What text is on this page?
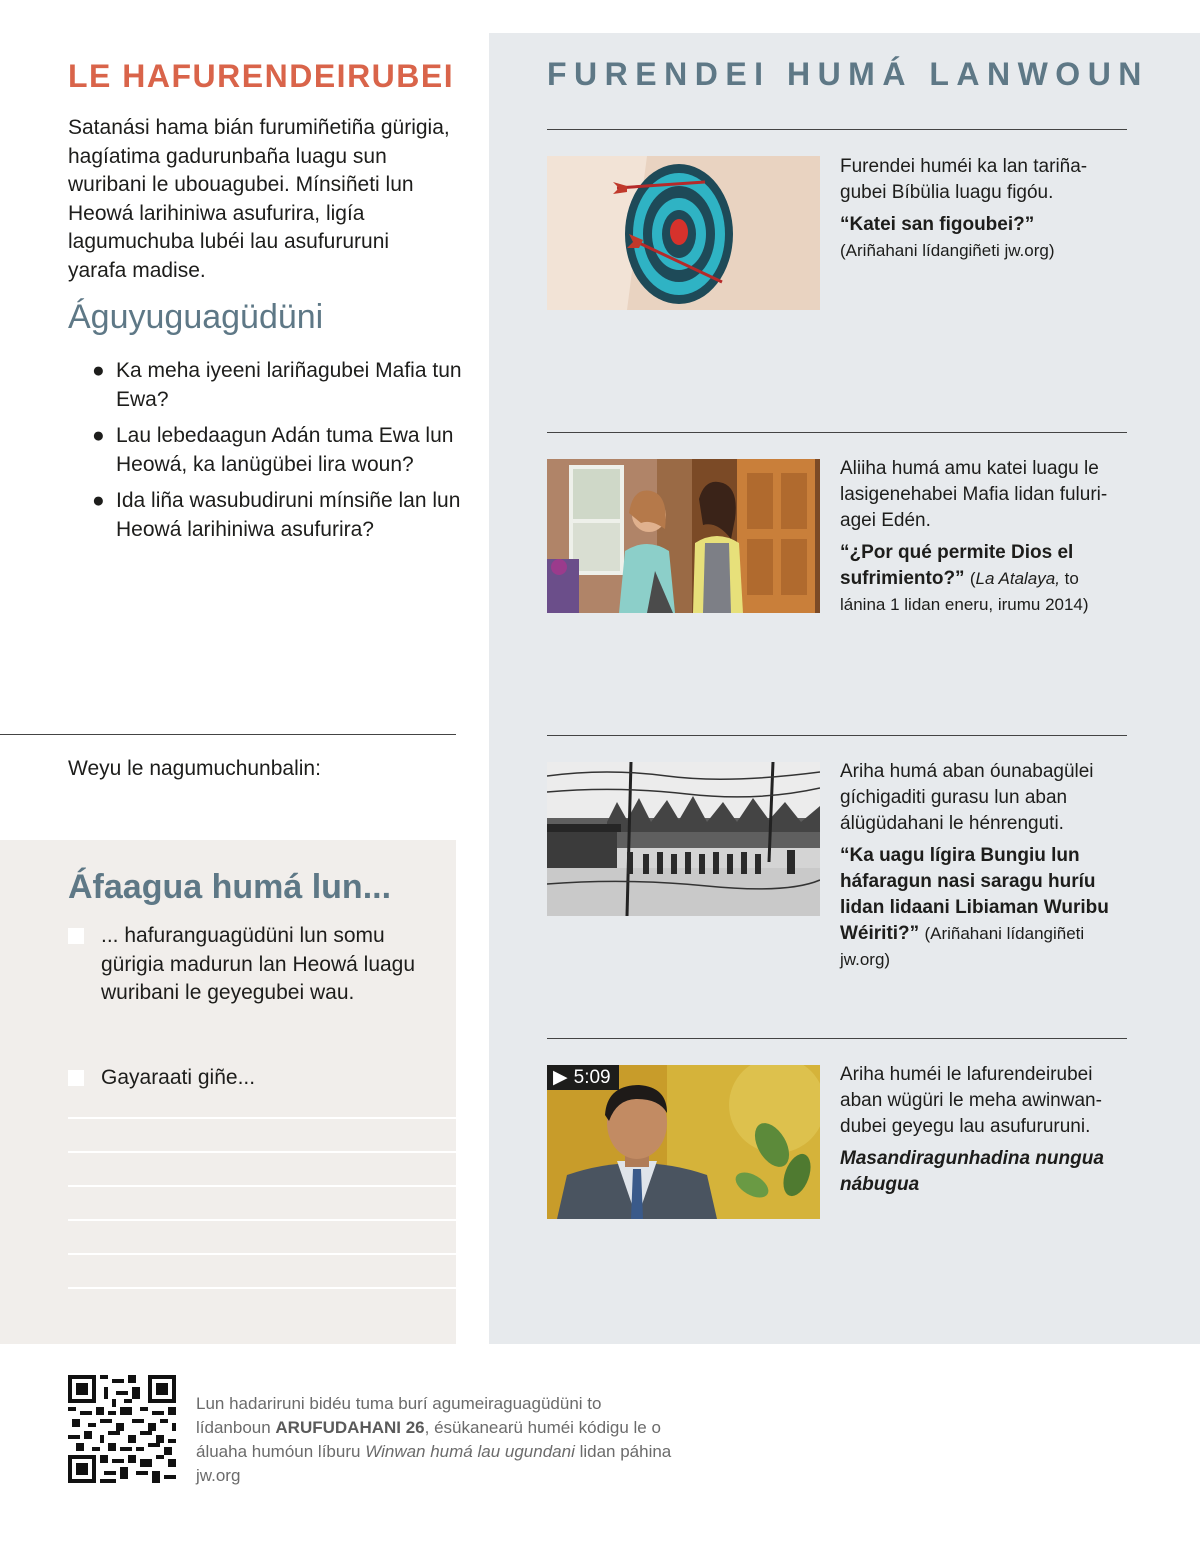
LE HAFURENDEIRUBEI

Satanási hama bián furumiñetiña gürigia, hagíatima gadurunbaña luagu sun wuribani le ubouagubei. Mínsiñeti lun Heowá larihiniwa asufurira, ligía lagumuchuba lubéi lau asufururuni yarafa madise.

Águyuguagüdüni
● Ka meha iyeeni lariñagubei Mafia tun Ewa?
● Lau lebedaagun Adán tuma Ewa lun Heowá, ka lanügübei lira woun?
● Ida liña wasubudiruni mínsiñe lan lun Heowá larihiniwa asufurira?

Weyu le nagumuchunbalin:

Áfaagua humá lun...
... hafuranguagüdüni lun somu gürigia madurun lan Heowá luagu wuribani le geyegubei wau.
Gayaraati giñe...
FURENDEI HUMÁ LANWOUN
Furendei huméi ka lan tariña-gubei Bíbülia luagu figóu.
“Katei san figoubei?”
(Ariñahani lídangiñeti jw.org)
Aliiha humá amu katei luagu le lasigenehabei Mafia lidan fuluri-agei Edén.
“¿Por qué permite Dios el sufrimiento?” (La Atalaya, to lánina 1 lidan eneru, irumu 2014)
Ariha humá aban óunabagülei gíchigaditi gurasu lun aban álügüdahani le hénrenguti.
“Ka uagu lígira Bungiu lun háfaragun nasi saragu huríu lidan lidaani Libiaman Wuribu Wéiriti?” (Ariñahani lídangiñeti jw.org)
▶ 5:09	Ariha huméi le lafurendeirubei aban wügüri le meha awinwan-dubei geyegu lau asufururuni.
Masandiragunhadina nungua nábugua

Lun hadariruni bidéu tuma burí agumeiraguagüdüni to lídanboun ARUFUDAHANI 26, ésükaneаrü huméi kódigu le o áluaha humóun líburu Winwan humá lau ugundani lidan páhina jw.org
